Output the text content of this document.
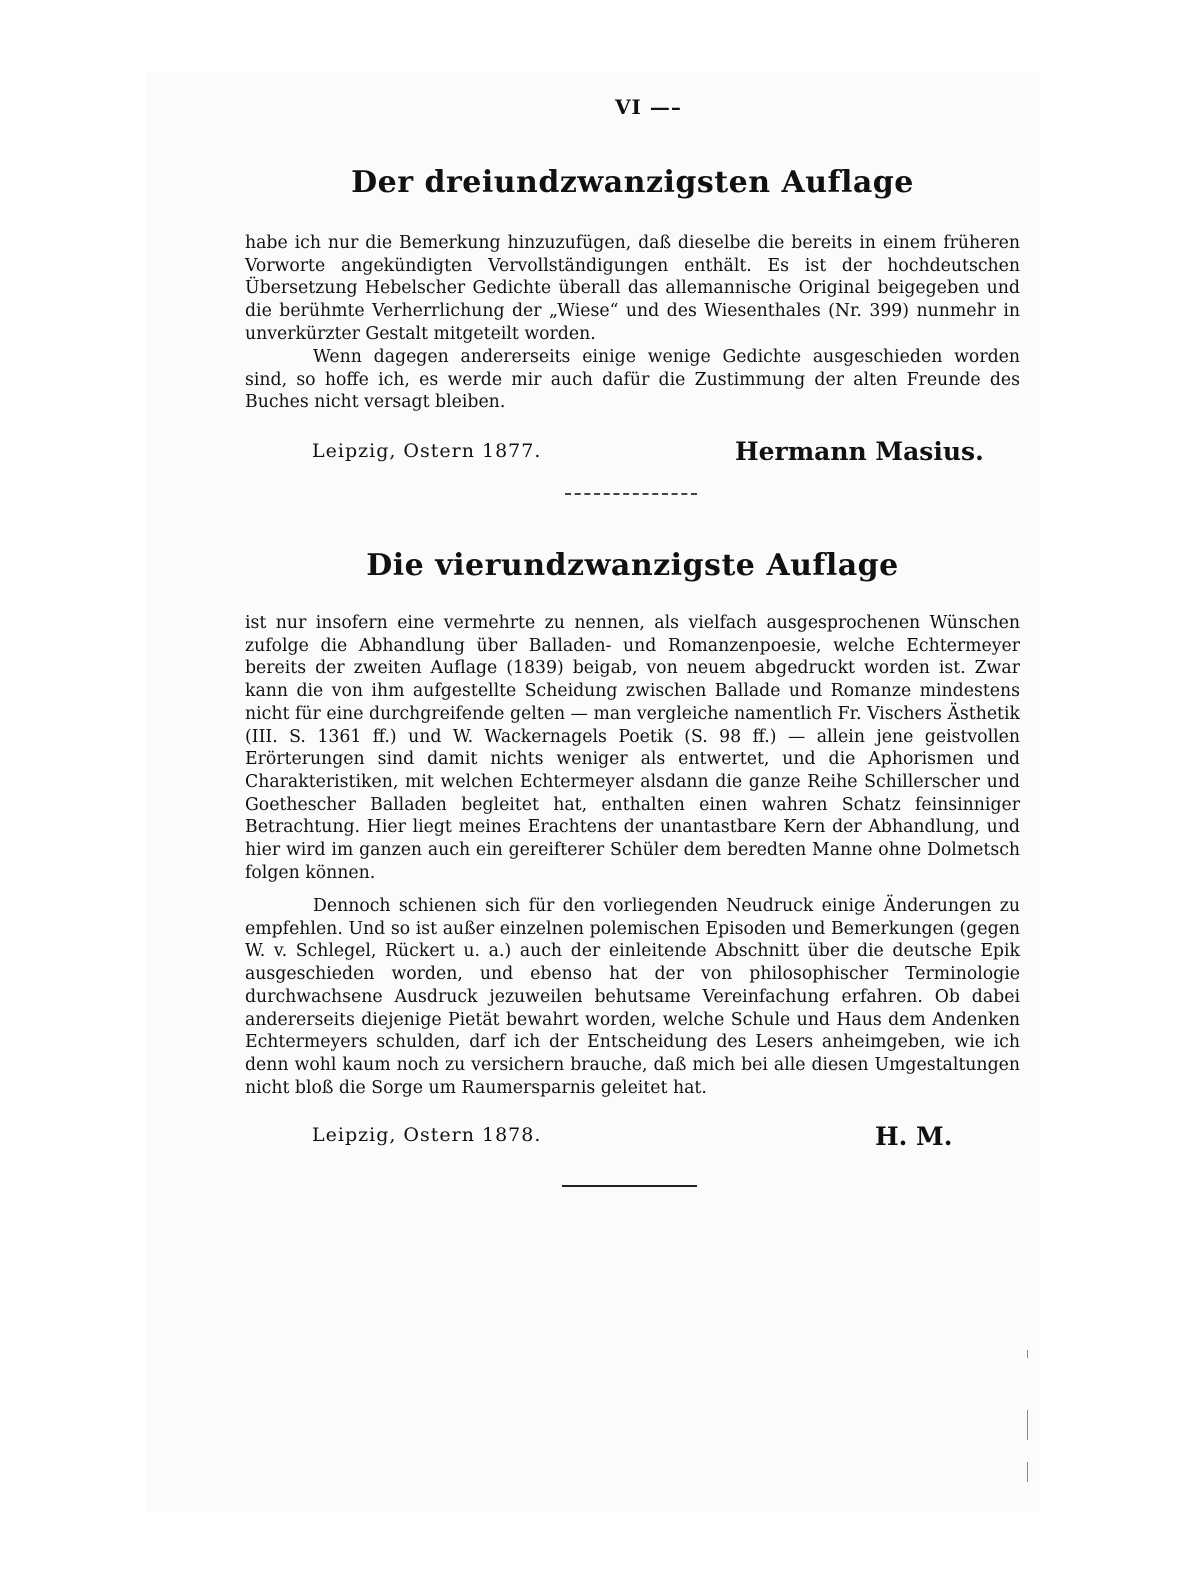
VI —–
Der dreiundzwanzigsten Auflage

habe ich nur die Bemerkung hinzuzufügen, daß dieselbe die bereits in einem früheren Vorworte angekündigten Vervollständigungen enthält. Es ist der hochdeutschen Übersetzung Hebelscher Gedichte überall das allemannische Original beigegeben und die berühmte Verherrlichung der „Wiese“ und des Wiesenthales (Nr. 399) nunmehr in unverkürzter Gestalt mitgeteilt worden.

Wenn dagegen andererseits einige wenige Gedichte ausgeschieden worden sind, so hoffe ich, es werde mir auch dafür die Zustimmung der alten Freunde des Buches nicht versagt bleiben.

Leipzig, Ostern 1877.	Hermann Masius.
Die vierundzwanzigste Auflage

ist nur insofern eine vermehrte zu nennen, als vielfach ausgesprochenen Wünschen zufolge die Abhandlung über Balladen- und Romanzenpoesie, welche Echtermeyer bereits der zweiten Auflage (1839) beigab, von neuem abgedruckt worden ist. Zwar kann die von ihm aufgestellte Scheidung zwischen Ballade und Romanze mindestens nicht für eine durchgreifende gelten — man vergleiche namentlich Fr. Vischers Ästhetik (III. S. 1361 ff.) und W. Wackernagels Poetik (S. 98 ff.) — allein jene geistvollen Erörterungen sind damit nichts weniger als entwertet, und die Aphorismen und Charakteristiken, mit welchen Echtermeyer alsdann die ganze Reihe Schillerscher und Goethescher Balladen begleitet hat, enthalten einen wahren Schatz feinsinniger Betrachtung. Hier liegt meines Erachtens der unantastbare Kern der Abhandlung, und hier wird im ganzen auch ein gereifterer Schüler dem beredten Manne ohne Dolmetsch folgen können.

Dennoch schienen sich für den vorliegenden Neudruck einige Änderungen zu empfehlen. Und so ist außer einzelnen polemischen Episoden und Bemerkungen (gegen W. v. Schlegel, Rückert u. a.) auch der einleitende Abschnitt über die deutsche Epik ausgeschieden worden, und ebenso hat der von philosophischer Terminologie durchwachsene Ausdruck jezuweilen behutsame Vereinfachung erfahren. Ob dabei andererseits diejenige Pietät bewahrt worden, welche Schule und Haus dem Andenken Echtermeyers schulden, darf ich der Entscheidung des Lesers anheimgeben, wie ich denn wohl kaum noch zu versichern brauche, daß mich bei alle diesen Umgestaltungen nicht bloß die Sorge um Raumersparnis geleitet hat.

Leipzig, Ostern 1878.	H. M.
